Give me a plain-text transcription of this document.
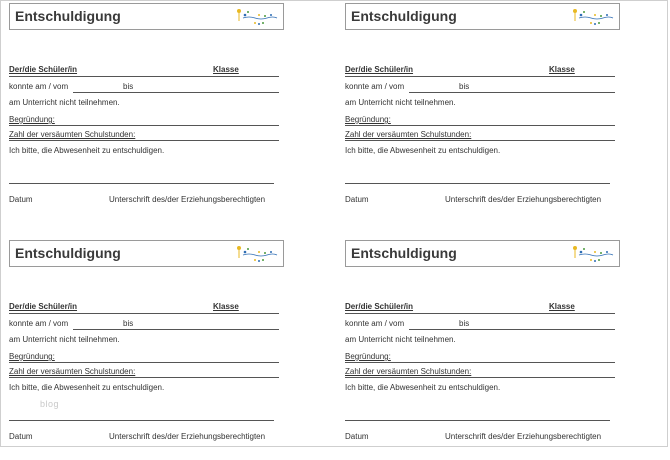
Entschuldigung
Der/die Schüler/in	Klasse
konnte am / vom	bis
am Unterricht nicht teilnehmen.
Begründung:
Zahl der versäumten Schulstunden:
Ich bitte, die Abwesenheit zu entschuldigen.
Datum	Unterschrift des/der Erziehungsberechtigten
Entschuldigung
Der/die Schüler/in	Klasse
konnte am / vom	bis
am Unterricht nicht teilnehmen.
Begründung:
Zahl der versäumten Schulstunden:
Ich bitte, die Abwesenheit zu entschuldigen.
Datum	Unterschrift des/der Erziehungsberechtigten
Entschuldigung
Der/die Schüler/in	Klasse
konnte am / vom	bis
am Unterricht nicht teilnehmen.
Begründung:
Zahl der versäumten Schulstunden:
Ich bitte, die Abwesenheit zu entschuldigen.
Datum	Unterschrift des/der Erziehungsberechtigten
Entschuldigung
Der/die Schüler/in	Klasse
konnte am / vom	bis
am Unterricht nicht teilnehmen.
Begründung:
Zahl der versäumten Schulstunden:
Ich bitte, die Abwesenheit zu entschuldigen.
Datum	Unterschrift des/der Erziehungsberechtigten
blog
